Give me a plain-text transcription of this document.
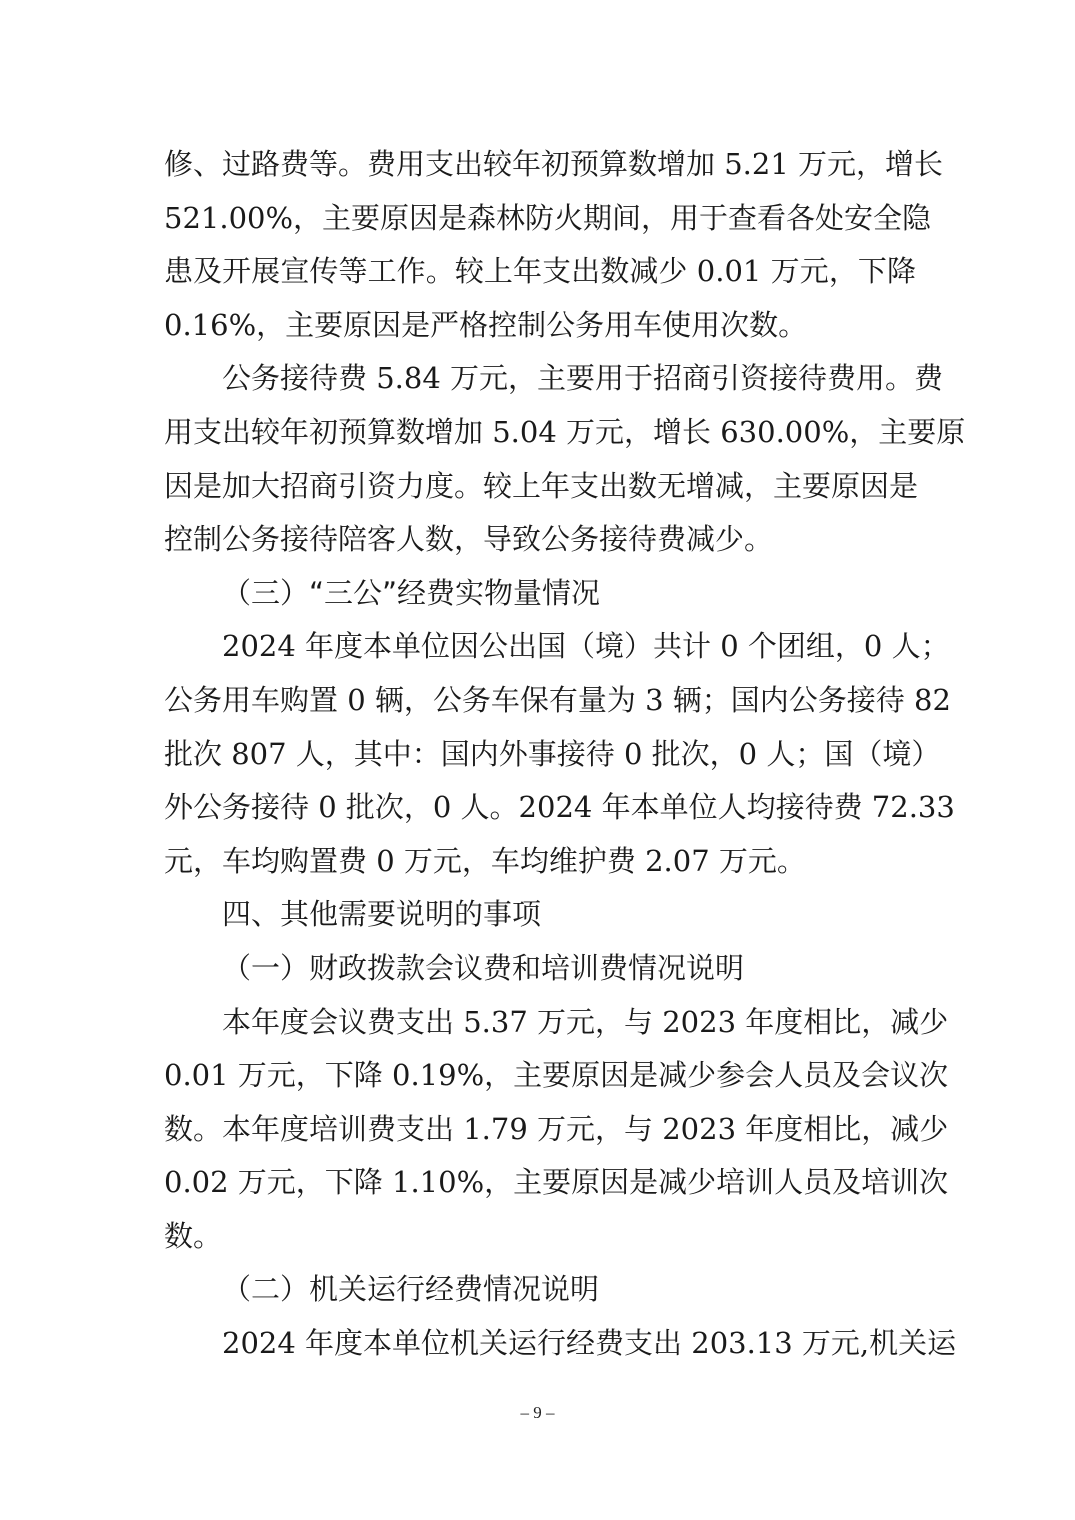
修、过路费等。费用支出较年初预算数增加 5.21 万元，增长
521.00%，主要原因是森林防火期间，用于查看各处安全隐
患及开展宣传等工作。较上年支出数减少 0.01 万元，下降
0.16%，主要原因是严格控制公务用车使用次数。
公务接待费 5.84 万元，主要用于招商引资接待费用。费
用支出较年初预算数增加 5.04 万元，增长 630.00%，主要原
因是加大招商引资力度。较上年支出数无增减，主要原因是
控制公务接待陪客人数，导致公务接待费减少。
（三）“三公”经费实物量情况
2024 年度本单位因公出国（境）共计 0 个团组，0 人；
公务用车购置 0 辆，公务车保有量为 3 辆；国内公务接待 82
批次 807 人，其中：国内外事接待 0 批次，0 人；国（境）
外公务接待 0 批次，0 人。2024 年本单位人均接待费 72.33
元，车均购置费 0 万元，车均维护费 2.07 万元。
四、其他需要说明的事项
（一）财政拨款会议费和培训费情况说明
本年度会议费支出 5.37 万元，与 2023 年度相比，减少
0.01 万元，下降 0.19%，主要原因是减少参会人员及会议次
数。本年度培训费支出 1.79 万元，与 2023 年度相比，减少
0.02 万元，下降 1.10%，主要原因是减少培训人员及培训次
数。
（二）机关运行经费情况说明
2024 年度本单位机关运行经费支出 203.13 万元,机关运
– 9 –
